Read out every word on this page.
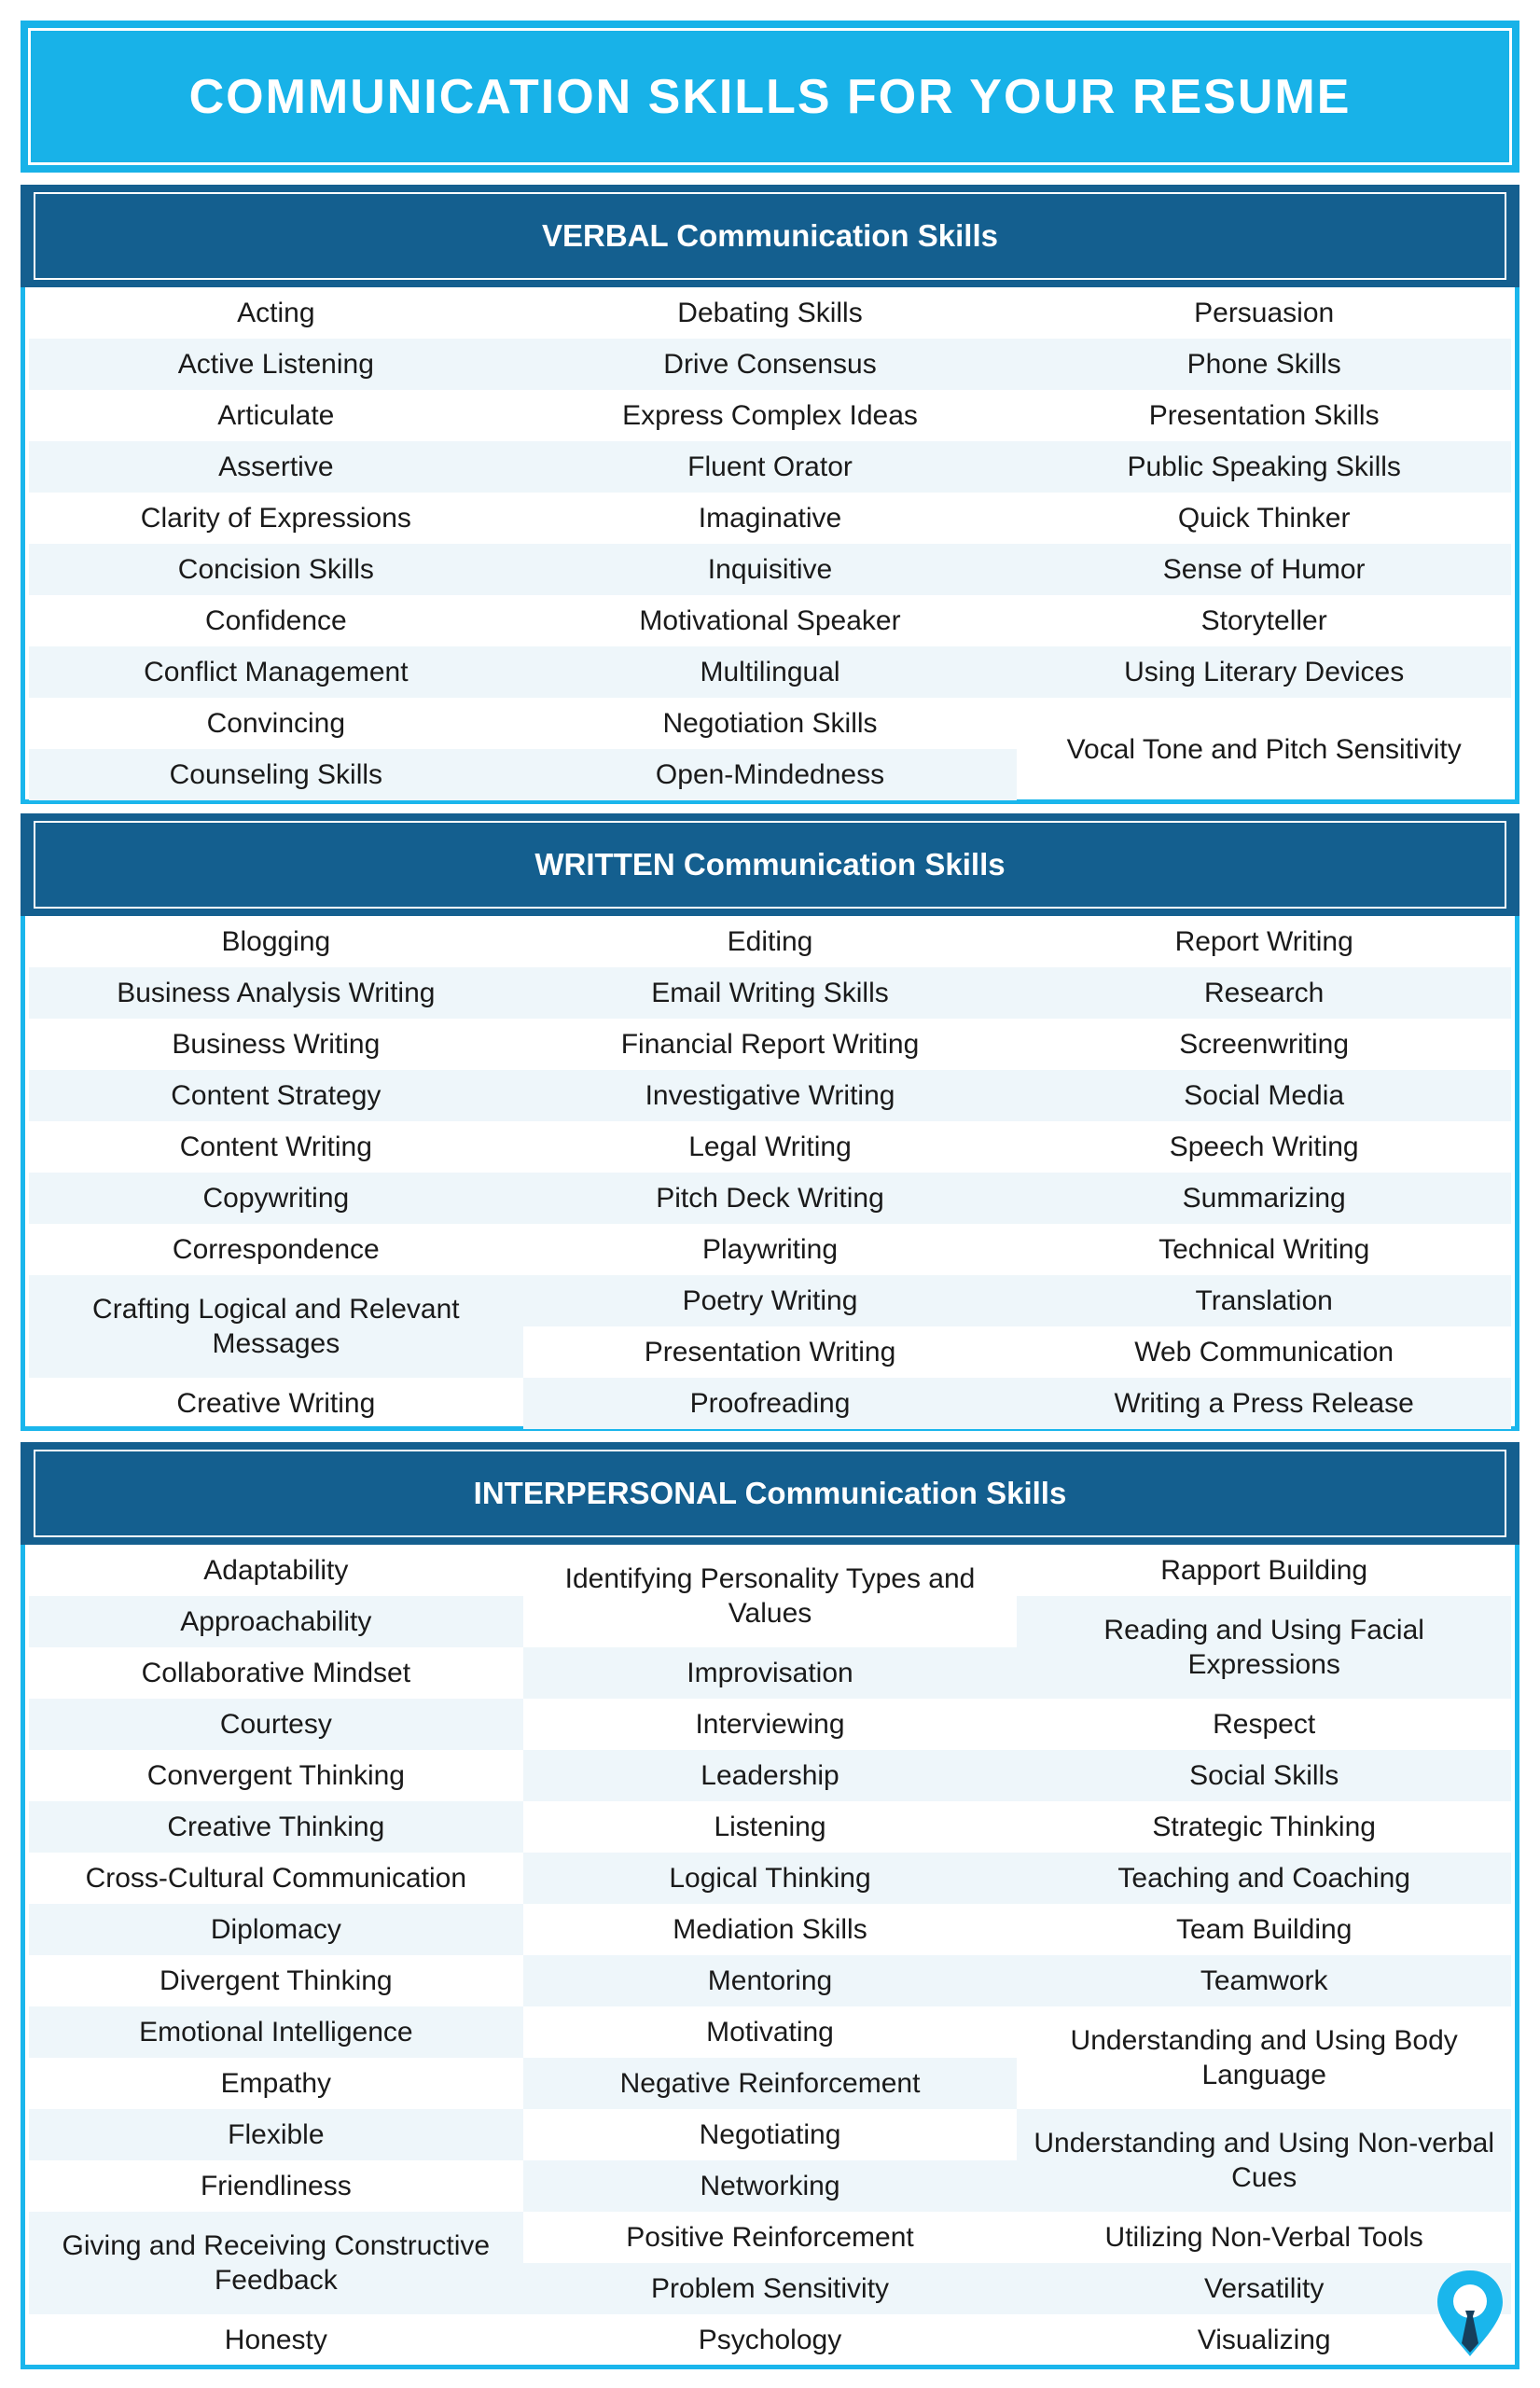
COMMUNICATION SKILLS FOR YOUR RESUME
VERBAL Communication Skills
Acting
Active Listening
Articulate
Assertive
Clarity of Expressions
Concision Skills
Confidence
Conflict Management
Convincing
Counseling Skills
Debating Skills
Drive Consensus
Express Complex Ideas
Fluent Orator
Imaginative
Inquisitive
Motivational Speaker
Multilingual
Negotiation Skills
Open-Mindedness
Persuasion
Phone Skills
Presentation Skills
Public Speaking Skills
Quick Thinker
Sense of Humor
Storyteller
Using Literary Devices
Vocal Tone and Pitch Sensitivity
WRITTEN Communication Skills
Blogging
Business Analysis Writing
Business Writing
Content Strategy
Content Writing
Copywriting
Correspondence
Crafting Logical and Relevant Messages
Creative Writing
Editing
Email Writing Skills
Financial Report Writing
Investigative Writing
Legal Writing
Pitch Deck Writing
Playwriting
Poetry Writing
Presentation Writing
Proofreading
Report Writing
Research
Screenwriting
Social Media
Speech Writing
Summarizing
Technical Writing
Translation
Web Communication
Writing a Press Release
INTERPERSONAL Communication Skills
Adaptability
Approachability
Collaborative Mindset
Courtesy
Convergent Thinking
Creative Thinking
Cross-Cultural Communication
Diplomacy
Divergent Thinking
Emotional Intelligence
Empathy
Flexible
Friendliness
Giving and Receiving Constructive Feedback
Honesty
Identifying Personality Types and Values
Improvisation
Interviewing
Leadership
Listening
Logical Thinking
Mediation Skills
Mentoring
Motivating
Negative Reinforcement
Negotiating
Networking
Positive Reinforcement
Problem Sensitivity
Psychology
Rapport Building
Reading and Using Facial Expressions
Respect
Social Skills
Strategic Thinking
Teaching and Coaching
Team Building
Teamwork
Understanding and Using Body Language
Understanding and Using Non-verbal Cues
Utilizing Non-Verbal Tools
Versatility
Visualizing
